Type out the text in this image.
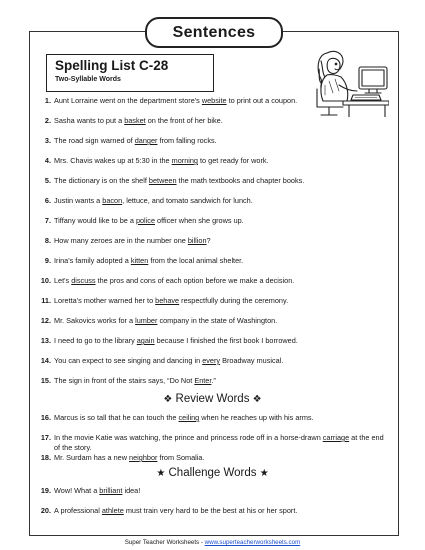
Sentences
Spelling List C-28
Two-Syllable Words
Super Teacher Worksheets - www.superteacherworksheets.com
1. Aunt Lorraine went on the department store's website to print out a coupon.
2. Sasha wants to put a basket on the front of her bike.
3. The road sign warned of danger from falling rocks.
4. Mrs. Chavis wakes up at 5:30 in the morning to get ready for work.
5. The dictionary is on the shelf between the math textbooks and chapter books.
6. Justin wants a bacon, lettuce, and tomato sandwich for lunch.
7. Tiffany would like to be a police officer when she grows up.
8. How many zeroes are in the number one billion?
9. Irina's family adopted a kitten from the local animal shelter.
10. Let's discuss the pros and cons of each option before we make a decision.
11. Loretta's mother warned her to behave respectfully during the ceremony.
12. Mr. Sakovics works for a lumber company in the state of Washington.
13. I need to go to the library again because I finished the first book I borrowed.
14. You can expect to see singing and dancing in every Broadway musical.
15. The sign in front of the stairs says, “Do Not Enter.”
❖ Review Words ❖
16. Marcus is so tall that he can touch the ceiling when he reaches up with his arms.
17. In the movie Katie was watching, the prince and princess rode off in a horse-drawn carriage at the end of the story.
18. Mr. Surdam has a new neighbor from Somalia.
★ Challenge Words ★
19. Wow! What a brilliant idea!
20. A professional athlete must train very hard to be the best at his or her sport.
